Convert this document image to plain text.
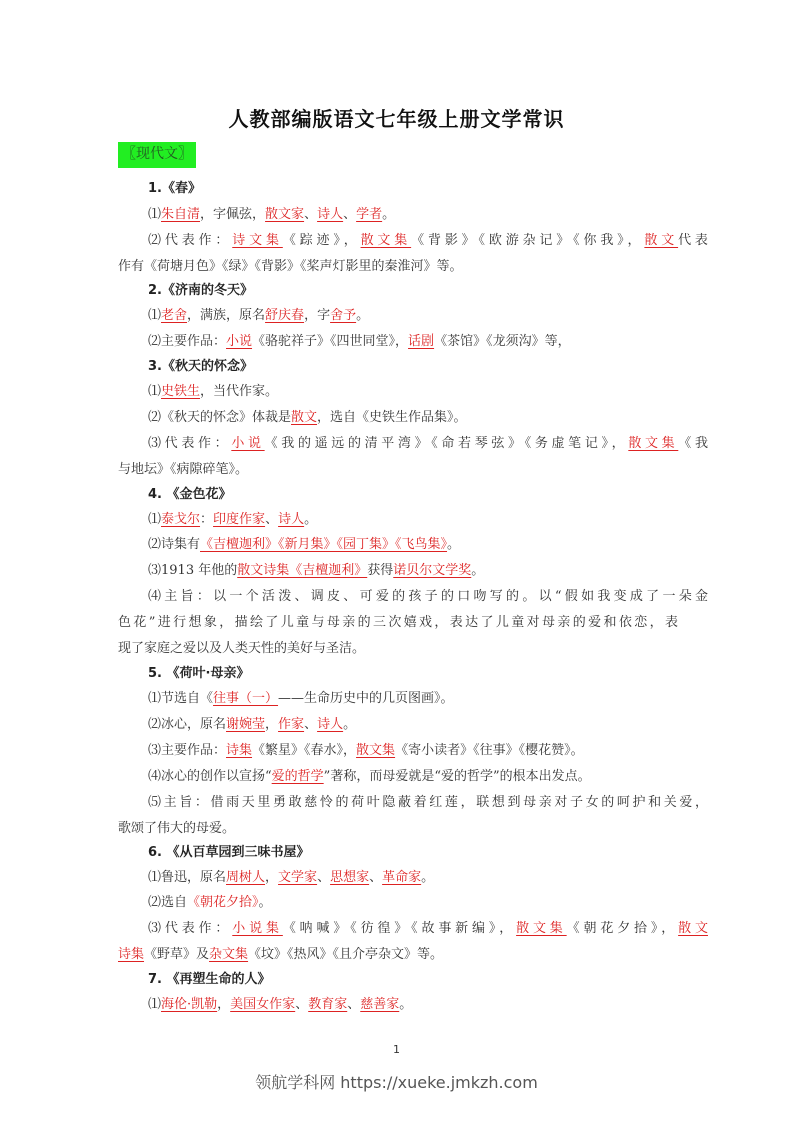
人教部编版语文七年级上册文学常识
〖现代文〗
1.《春》
⑴朱自清，字佩弦，散文家、诗人、学者。
⑵代表作：诗文集《踪迹》，散文集《背影》《欧游杂记》《你我》，散文代表
作有《荷塘月色》《绿》《背影》《桨声灯影里的秦淮河》等。
2.《济南的冬天》
⑴老舍，满族，原名舒庆春，字舍予。
⑵主要作品：小说《骆驼祥子》《四世同堂》，话剧《茶馆》《龙须沟》等，
3.《秋天的怀念》
⑴史铁生，当代作家。
⑵《秋天的怀念》体裁是散文，选自《史铁生作品集》。
⑶代表作：小说《我的遥远的清平湾》《命若琴弦》《务虚笔记》，散文集《我
与地坛》《病隙碎笔》。
4. 《金色花》
⑴泰戈尔：印度作家、诗人。
⑵诗集有《吉檀迦利》《新月集》《园丁集》《飞鸟集》。
⑶1913 年他的散文诗集《吉檀迦利》获得诺贝尔文学奖。
⑷主旨：以一个活泼、调皮、可爱的孩子的口吻写的。以“假如我变成了一朵金
色花”进行想象，描绘了儿童与母亲的三次嬉戏，表达了儿童对母亲的爱和依恋，表
现了家庭之爱以及人类天性的美好与圣洁。
5. 《荷叶·母亲》
⑴节选自《往事（一）——生命历史中的几页图画》。
⑵冰心，原名谢婉莹，作家、诗人。
⑶主要作品：诗集《繁星》《春水》，散文集《寄小读者》《往事》《樱花赞》。
⑷冰心的创作以宣扬“爱的哲学”著称，而母爱就是“爱的哲学”的根本出发点。
⑸主旨：借雨天里勇敢慈怜的荷叶隐蔽着红莲，联想到母亲对子女的呵护和关爱，
歌颂了伟大的母爱。
6. 《从百草园到三味书屋》
⑴鲁迅，原名周树人，文学家、思想家、革命家。
⑵选自《朝花夕拾》。
⑶代表作：小说集《呐喊》《彷徨》《故事新编》，散文集《朝花夕拾》，散文
诗集《野草》及杂文集《坟》《热风》《且介亭杂文》等。
7. 《再塑生命的人》
⑴海伦·凯勒，美国女作家、教育家、慈善家。
1
领航学科网 https://xueke.jmkzh.com
